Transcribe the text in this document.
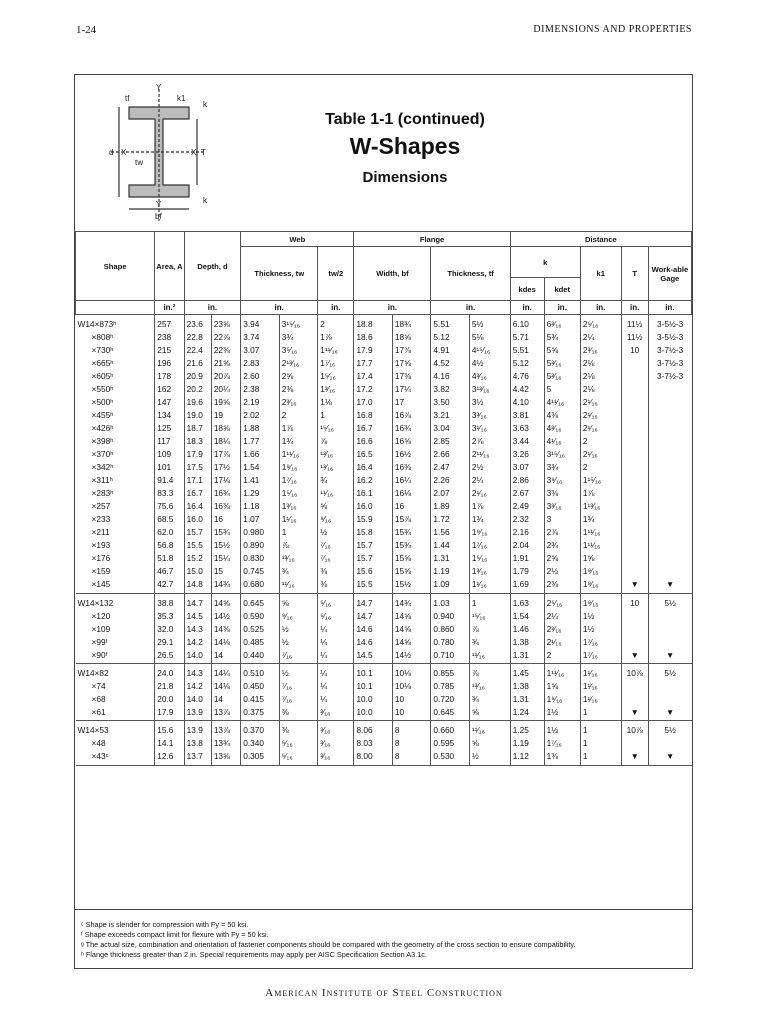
1-24	DIMENSIONS AND PROPERTIES
tf
Y
k1
k
d X	X T
tw
Y
bf
k
Table 1-1 (continued)
W-Shapes
Dimensions
Shape	Area, A	Depth, d		Web			Flange				Distance				
				Thickness, tw		tw/2	Width, bf		Thickness, tf		k		k1	T	Work-able Gage
											kdes	kdet			
	in.²	in.		in.		in.	in.		in.		in.	in.	in.	in.	in.
W14×873ʰ	257	23.6	23⅝	3.94	3¹⁵⁄₁₆	2	18.8	18¾	5.51	5½	6.10	6³⁄₁₆	2⁵⁄₁₆	11½	3-5½-3
×808ʰ	238	22.8	22⅞	3.74	3¾	1⅞	18.6	18⅝	5.12	5⅛	5.71	5¾	2¼	11½	3-5½-3
×730ʰ	215	22.4	22⅜	3.07	3⁵⁄₁₆	1¹¹⁄₁₆	17.9	17⅞	4.91	4¹⁵⁄₁₆	5.51	5⅝	2³⁄₁₆	10	3-7½-3
×665ʰ	196	21.6	21⅝	2.83	2¹³⁄₁₆	1⁷⁄₁₆	17.7	17⅝	4.52	4½	5.12	5³⁄₁₆	2⅛		3-7½-3
×605ʰ	178	20.9	20⅞	2.60	2⅝	1⁵⁄₁₆	17.4	17⅜	4.16	4³⁄₁₆	4.76	5³⁄₁₆	2⅛		3-7½-3
×550ʰ	162	20.2	20¼	2.38	2⅜	1³⁄₁₆	17.2	17¼	3.82	3¹³⁄₁₆	4.42	5	2⅛		
×500ʰ	147	19.6	19⅝	2.19	2³⁄₁₆	1⅛	17.0	17	3.50	3½	4.10	4¹¹⁄₁₆	2¹⁄₁₆		
×455ʰ	134	19.0	19	2.02	2	1	16.8	16⅞	3.21	3³⁄₁₆	3.81	4⅜	2¹⁄₁₆		
×426ʰ	125	18.7	18⅝	1.88	1⅞	¹⁵⁄₁₆	16.7	16¾	3.04	3¹⁄₁₆	3.63	4³⁄₁₆	2¹⁄₁₆		
×398ʰ	117	18.3	18¼	1.77	1¾	⅞	16.6	16⅝	2.85	2⅞	3.44	4¹⁄₁₆	2		
×370ʰ	109	17.9	17⅞	1.66	1¹¹⁄₁₆	¹³⁄₁₆	16.5	16½	2.66	2¹¹⁄₁₆	3.26	3¹⁵⁄₁₆	2¹⁄₁₆		
×342ʰ	101	17.5	17½	1.54	1⁹⁄₁₆	¹³⁄₁₆	16.4	16⅜	2.47	2½	3.07	3¾	2		
×311ʰ	91.4	17.1	17⅛	1.41	1⁷⁄₁₆	¾	16.2	16¼	2.26	2¼	2.86	3⁹⁄₁₆	1¹⁵⁄₁₆		
×283ʰ	83.3	16.7	16¾	1.29	1⁵⁄₁₆	¹¹⁄₁₆	16.1	16⅛	2.07	2¹⁄₁₆	2.67	3⅜	1⅞		
×257	75.6	16.4	16⅜	1.18	1³⁄₁₆	⅝	16.0	16	1.89	1⅞	2.49	3³⁄₁₆	1¹³⁄₁₆		
×233	68.5	16.0	16	1.07	1¹⁄₁₆	⁹⁄₁₆	15.9	15⅞	1.72	1¾	2.32	3	1¾		
×211	62.0	15.7	15¾	0.980	1	½	15.8	15¾	1.56	1⁹⁄₁₆	2.16	2⅞	1¹¹⁄₁₆		
×193	56.8	15.5	15½	0.890	⅞	⁷⁄₁₆	15.7	15¾	1.44	1⁷⁄₁₆	2.04	2¾	1¹¹⁄₁₆		
×176	51.8	15.2	15¼	0.830	¹³⁄₁₆	⁷⁄₁₆	15.7	15⅝	1.31	1⁵⁄₁₆	1.91	2⅝	1⅝		
×159	46.7	15.0	15	0.745	¾	⅜	15.6	15⅝	1.19	1³⁄₁₆	1.79	2½	1⁹⁄₁₆		
×145	42.7	14.8	14¾	0.680	¹¹⁄₁₆	⅜	15.5	15½	1.09	1¹⁄₁₆	1.69	2⅜	1⁹⁄₁₆	▼	▼
W14×132	38.8	14.7	14⅝	0.645	⅝	⁵⁄₁₆	14.7	14¾	1.03	1	1.63	2⁵⁄₁₆	1⁹⁄₁₆	10	5½
×120	35.3	14.5	14½	0.590	⁹⁄₁₆	⁵⁄₁₆	14.7	14⅝	0.940	¹⁵⁄₁₆	1.54	2¼	1½		
×109	32.0	14.3	14⅜	0.525	½	¼	14.6	14⅝	0.860	⅞	1.46	2³⁄₁₆	1½		
×99ᶠ	29.1	14.2	14⅛	0.485	½	¼	14.6	14⅝	0.780	¾	1.38	2¹⁄₁₆	1⁷⁄₁₆		
×90ᶠ	26.5	14.0	14	0.440	⁷⁄₁₆	¼	14.5	14½	0.710	¹¹⁄₁₆	1.31	2	1⁷⁄₁₆	▼	▼
W14×82	24.0	14.3	14¼	0.510	½	¼	10.1	10⅛	0.855	⅞	1.45	1¹¹⁄₁₆	1¹⁄₁₆	10⅞	5½
×74	21.8	14.2	14⅛	0.450	⁷⁄₁₆	¼	10.1	10⅛	0.785	¹³⁄₁₆	1.38	1⅝	1¹⁄₁₆		
×68	20.0	14.0	14	0.415	⁷⁄₁₆	¼	10.0	10	0.720	¾	1.31	1⁹⁄₁₆	1¹⁄₁₆		
×61	17.9	13.9	13⅞	0.375	⅜	³⁄₁₆	10.0	10	0.645	⅝	1.24	1½	1	▼	▼
W14×53	15.6	13.9	13⅞	0.370	⅜	³⁄₁₆	8.06	8	0.660	¹¹⁄₁₆	1.25	1½	1	10⅞	5½
×48	14.1	13.8	13¾	0.340	⁵⁄₁₆	³⁄₁₆	8.03	8	0.595	⅝	1.19	1⁷⁄₁₆	1		
×43ᶜ	12.6	13.7	13⅝	0.305	⁵⁄₁₆	³⁄₁₆	8.00	8	0.530	½	1.12	1⅜	1	▼	▼

ᶜ Shape is slender for compression with Fy = 50 ksi.

ᶠ Shape exceeds compact limit for flexure with Fy = 50 ksi.

ᵍ The actual size, combination and orientation of fastener components should be compared with the geometry of the cross section to ensure compatibility.

ʰ Flange thickness greater than 2 in. Special requirements may apply per AISC Specification Section A3.1c.

American Institute of Steel Construction
